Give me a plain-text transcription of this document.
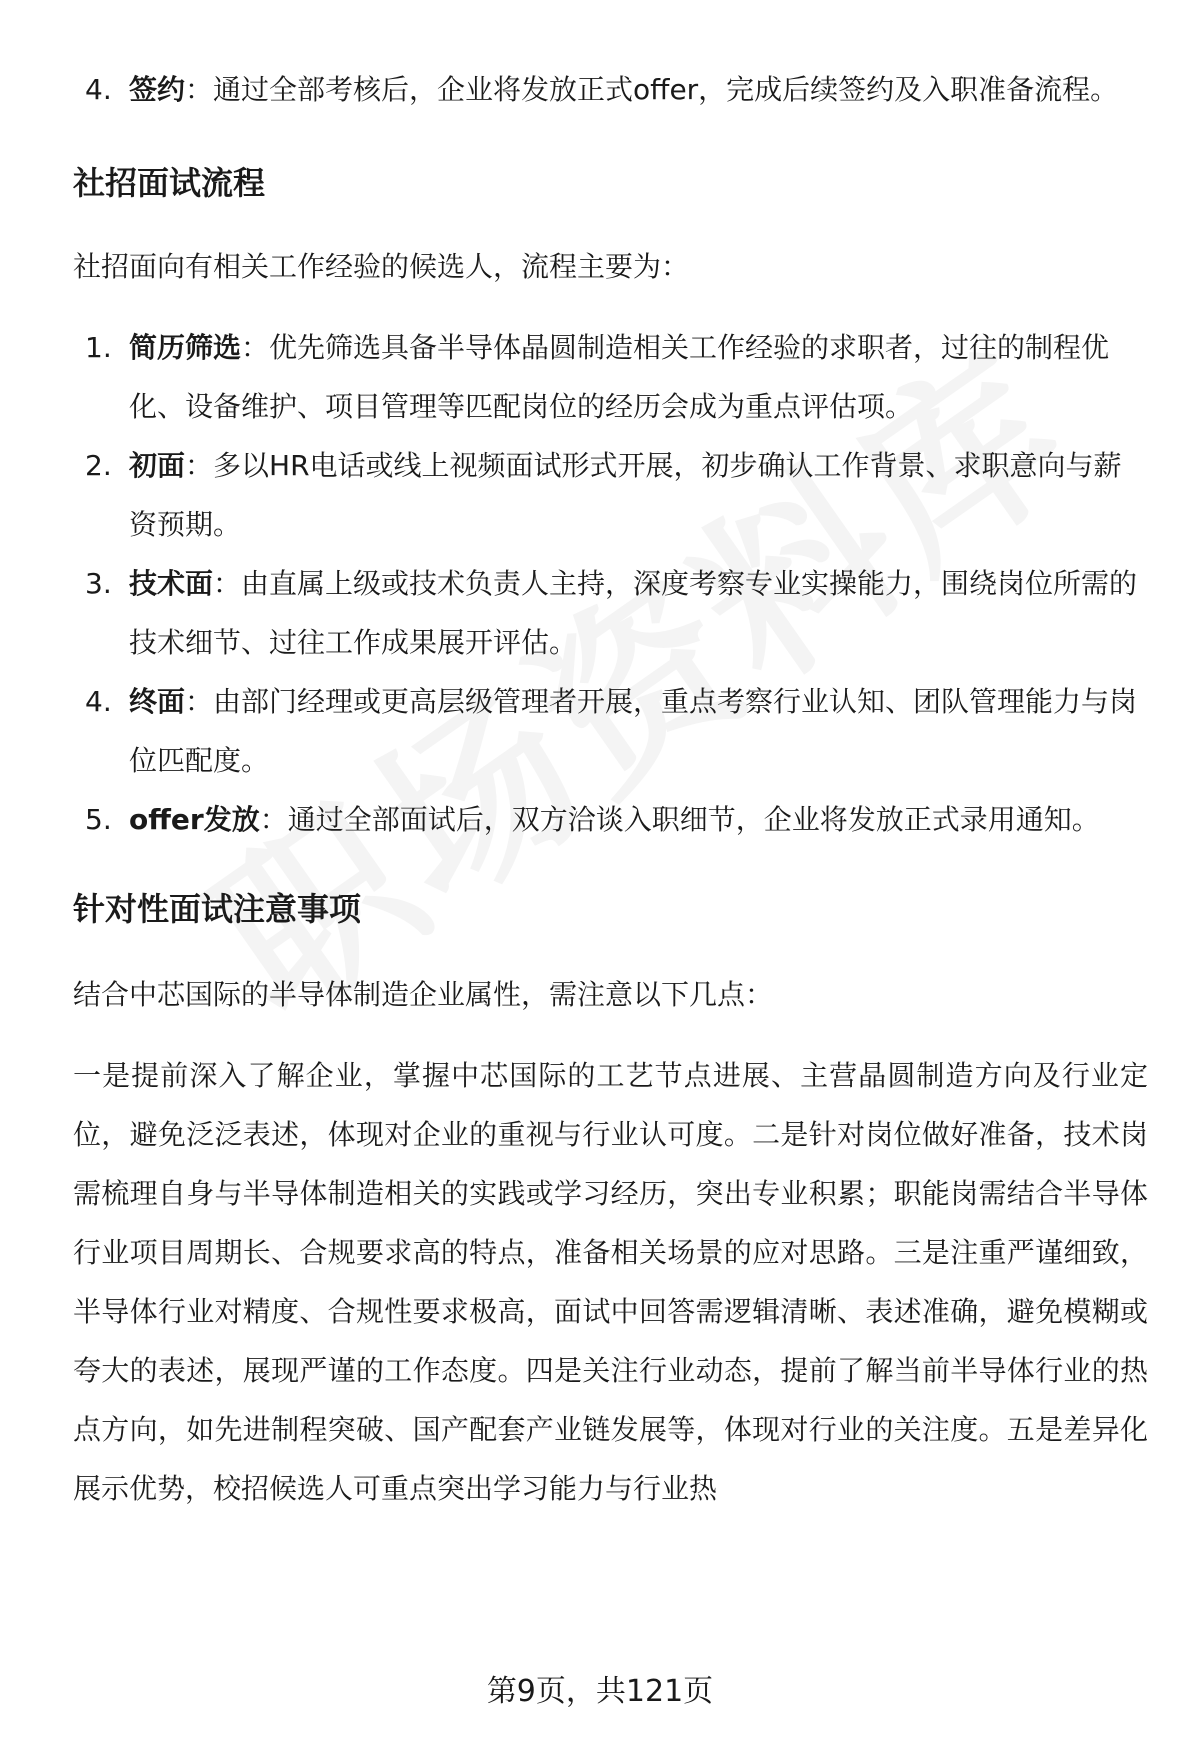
4. 签约：通过全部考核后，企业将发放正式offer，完成后续签约及入职准备流程。
社招面试流程

社招面向有相关工作经验的候选人，流程主要为：

1. 简历筛选：优先筛选具备半导体晶圆制造相关工作经验的求职者，过往的制程优化、设备维护、项目管理等匹配岗位的经历会成为重点评估项。
2. 初面：多以HR电话或线上视频面试形式开展，初步确认工作背景、求职意向与薪资预期。
3. 技术面：由直属上级或技术负责人主持，深度考察专业实操能力，围绕岗位所需的技术细节、过往工作成果展开评估。
4. 终面：由部门经理或更高层级管理者开展，重点考察行业认知、团队管理能力与岗位匹配度。
5. offer发放：通过全部面试后，双方洽谈入职细节，企业将发放正式录用通知。
针对性面试注意事项

结合中芯国际的半导体制造企业属性，需注意以下几点：

一是提前深入了解企业，掌握中芯国际的工艺节点进展、主营晶圆制造方向及行业定位，避免泛泛表述，体现对企业的重视与行业认可度。二是针对岗位做好准备，技术岗需梳理自身与半导体制造相关的实践或学习经历，突出专业积累；职能岗需结合半导体行业项目周期长、合规要求高的特点，准备相关场景的应对思路。三是注重严谨细致，半导体行业对精度、合规性要求极高，面试中回答需逻辑清晰、表述准确，避免模糊或夸大的表述，展现严谨的工作态度。四是关注行业动态，提前了解当前半导体行业的热点方向，如先进制程突破、国产配套产业链发展等，体现对行业的关注度。五是差异化展示优势，校招候选人可重点突出学习能力与行业热

第9页，共121页
